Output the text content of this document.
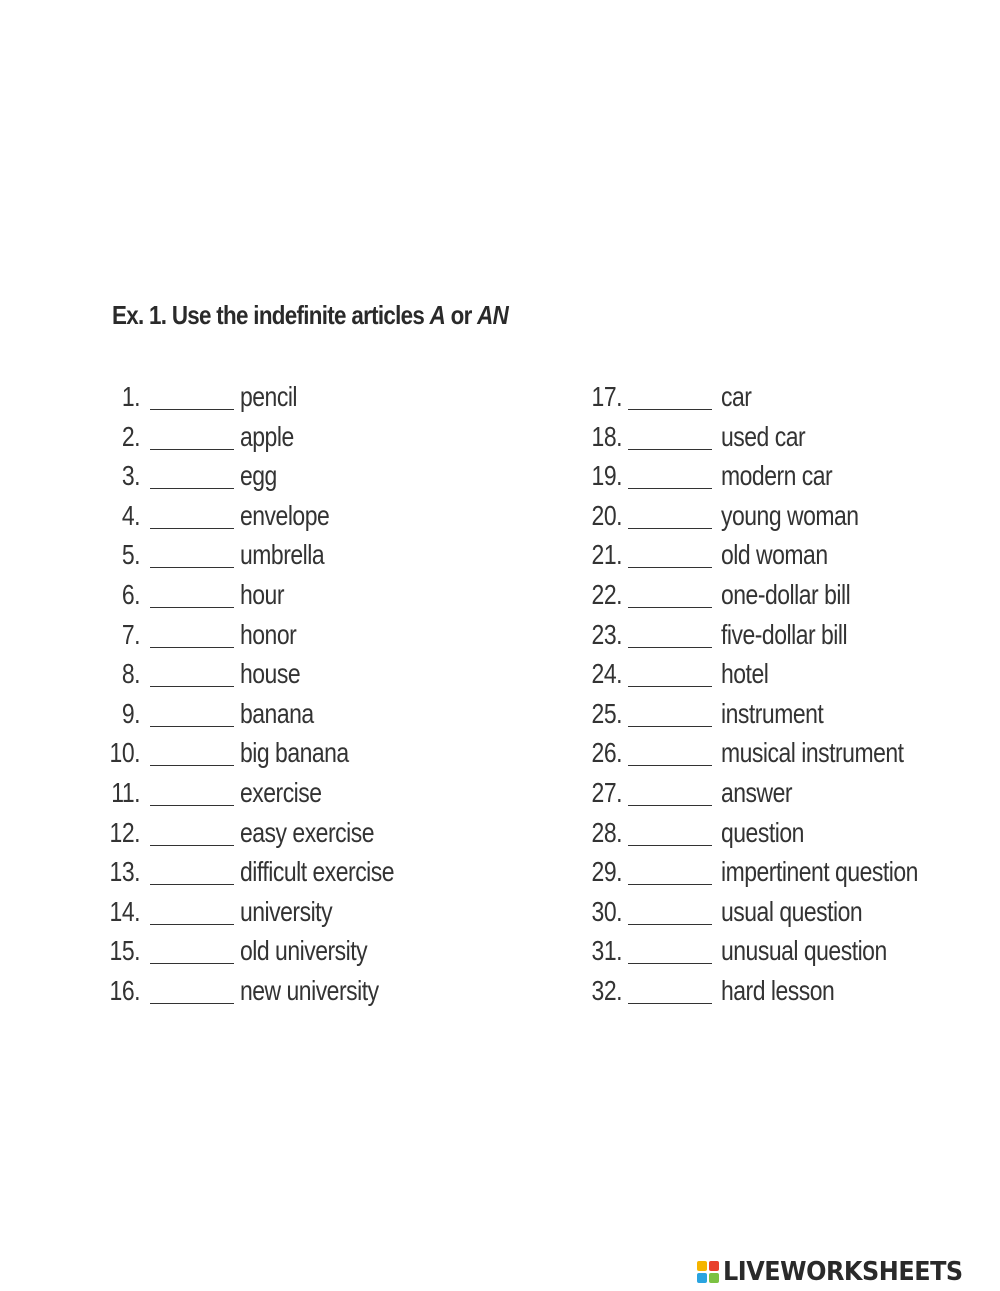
Ex. 1. Use the indefinite articles A or AN
1.	pencil
2.	apple
3.	egg
4.	envelope
5.	umbrella
6.	hour
7.	honor
8.	house
9.	banana
10.	big banana
11.	exercise
12.	easy exercise
13.	difficult exercise
14.	university
15.	old university
16.	new university
17.	car
18.	used car
19.	modern car
20.	young woman
21.	old woman
22.	one-dollar bill
23.	five-dollar bill
24.	hotel
25.	instrument
26.	musical instrument
27.	answer
28.	question
29.	impertinent question
30.	usual question
31.	unusual question
32.	hard lesson
LIVEWORKSHEETS
